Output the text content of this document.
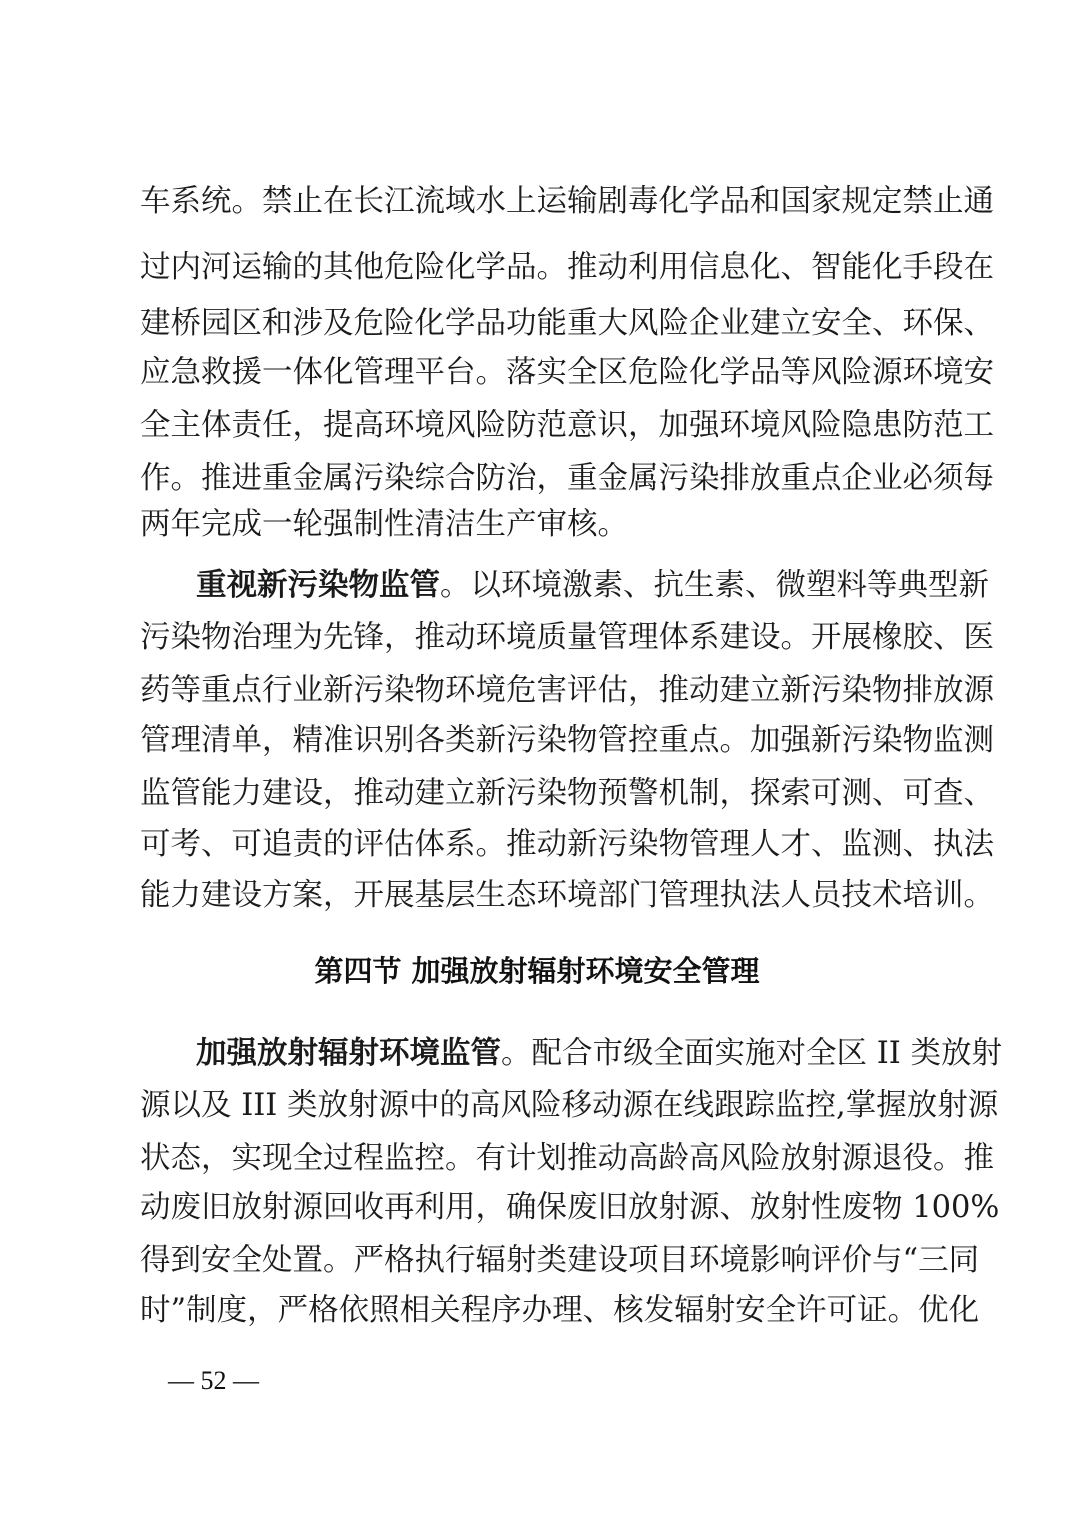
车系统。禁止在长江流域水上运输剧毒化学品和国家规定禁止通
过内河运输的其他危险化学品。推动利用信息化、智能化手段在
建桥园区和涉及危险化学品功能重大风险企业建立安全、环保、
应急救援一体化管理平台。落实全区危险化学品等风险源环境安
全主体责任，提高环境风险防范意识，加强环境风险隐患防范工
作。推进重金属污染综合防治，重金属污染排放重点企业必须每
两年完成一轮强制性清洁生产审核。
重视新污染物监管。以环境激素、抗生素、微塑料等典型新
污染物治理为先锋，推动环境质量管理体系建设。开展橡胶、医
药等重点行业新污染物环境危害评估，推动建立新污染物排放源
管理清单，精准识别各类新污染物管控重点。加强新污染物监测
监管能力建设，推动建立新污染物预警机制，探索可测、可查、
可考、可追责的评估体系。推动新污染物管理人才、监测、执法
能力建设方案，开展基层生态环境部门管理执法人员技术培训。
第四节 加强放射辐射环境安全管理
加强放射辐射环境监管。配合市级全面实施对全区 II 类放射
源以及 III 类放射源中的高风险移动源在线跟踪监控,掌握放射源
状态，实现全过程监控。有计划推动高龄高风险放射源退役。推
动废旧放射源回收再利用，确保废旧放射源、放射性废物 100%
得到安全处置。严格执行辐射类建设项目环境影响评价与“三同
时”制度，严格依照相关程序办理、核发辐射安全许可证。优化
— 52 —
